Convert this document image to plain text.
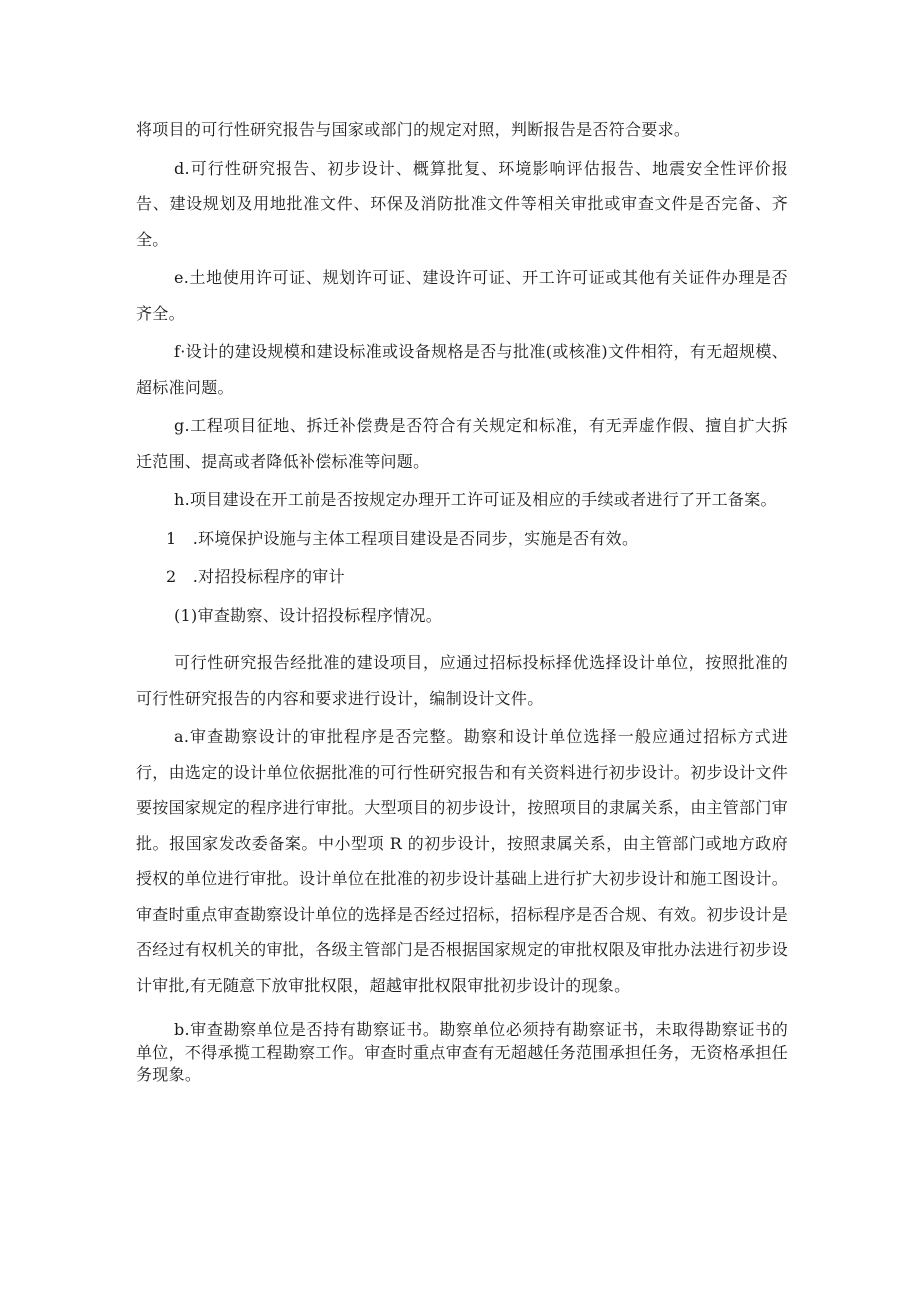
将项目的可行性研究报告与国家或部门的规定对照，判断报告是否符合要求。

d.可行性研究报告、初步设计、概算批复、环境影响评估报告、地震安全性评价报告、建设规划及用地批准文件、环保及消防批准文件等相关审批或审查文件是否完备、齐全。

e.土地使用许可证、规划许可证、建设许可证、开工许可证或其他有关证件办理是否齐全。

f·设计的建设规模和建设标准或设备规格是否与批准(或核准)文件相符，有无超规模、超标准问题。

g.工程项目征地、拆迁补偿费是否符合有关规定和标准，有无弄虚作假、擅自扩大拆迁范围、提高或者降低补偿标准等问题。

h.项目建设在开工前是否按规定办理开工许可证及相应的手续或者进行了开工备案。

1　.环境保护设施与主体工程项目建设是否同步，实施是否有效。

2　.对招投标程序的审计

(1)审查勘察、设计招投标程序情况。

可行性研究报告经批准的建设项目，应通过招标投标择优选择设计单位，按照批准的可行性研究报告的内容和要求进行设计，编制设计文件。

a.审查勘察设计的审批程序是否完整。勘察和设计单位选择一般应通过招标方式进行，由选定的设计单位依据批准的可行性研究报告和有关资料进行初步设计。初步设计文件要按国家规定的程序进行审批。大型项目的初步设计，按照项目的隶属关系，由主管部门审批。报国家发改委备案。中小型项 R 的初步设计，按照隶属关系，由主管部门或地方政府授权的单位进行审批。设计单位在批准的初步设计基础上进行扩大初步设计和施工图设计。审查时重点审查勘察设计单位的选择是否经过招标，招标程序是否合规、有效。初步设计是否经过有权机关的审批，各级主管部门是否根据国家规定的审批权限及审批办法进行初步设计审批,有无随意下放审批权限，超越审批权限审批初步设计的现象。

b.审查勘察单位是否持有勘察证书。勘察单位必须持有勘察证书，未取得勘察证书的单位，不得承揽工程勘察工作。审查时重点审查有无超越任务范围承担任务，无资格承担任务现象。
